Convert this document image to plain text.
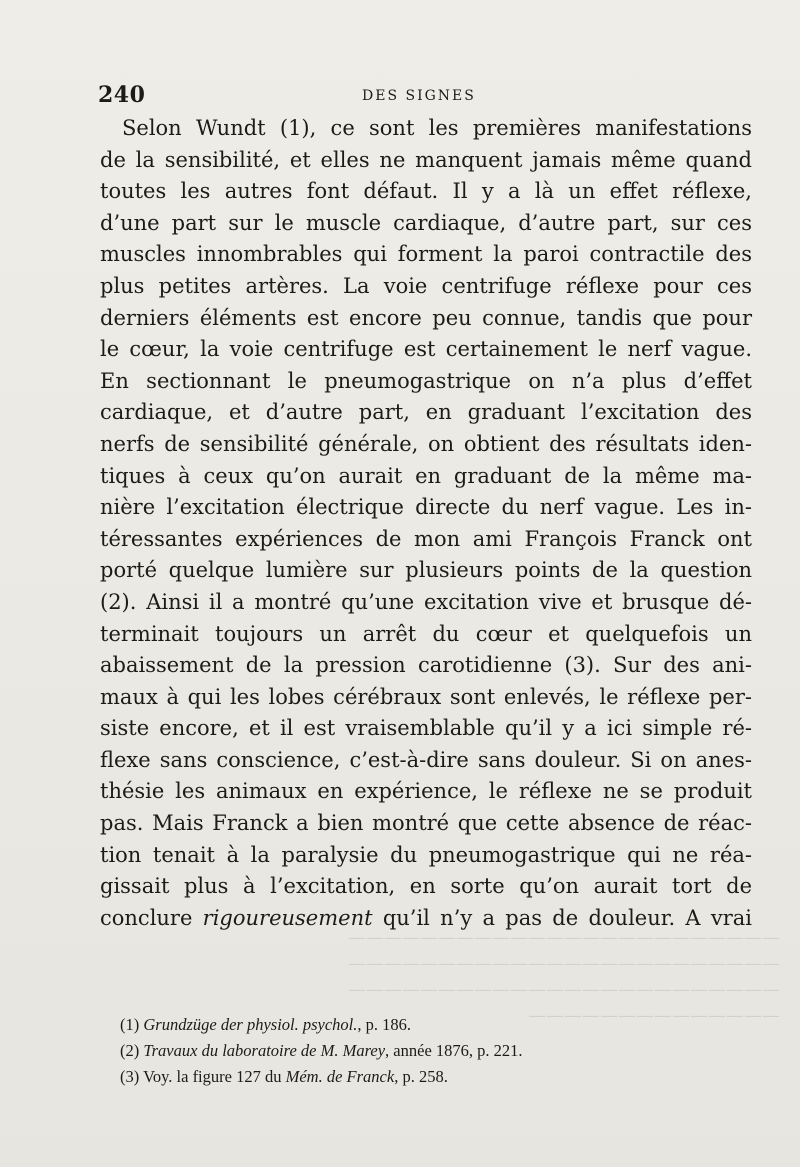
————————————————————————
————————————————————————
————————————————————————
——————————————
240	DES SIGNES

Selon Wundt (1), ce sont les premières manifestations
de la sensibilité, et elles ne manquent jamais même quand
toutes les autres font défaut. Il y a là un effet réflexe,
d’une part sur le muscle cardiaque, d’autre part, sur ces
muscles innombrables qui forment la paroi contractile des
plus petites artères. La voie centrifuge réflexe pour ces
derniers éléments est encore peu connue, tandis que pour
le cœur, la voie centrifuge est certainement le nerf vague.
En sectionnant le pneumogastrique on n’a plus d’effet
cardiaque, et d’autre part, en graduant l’excitation des
nerfs de sensibilité générale, on obtient des résultats iden-
tiques à ceux qu’on aurait en graduant de la même ma-
nière l’excitation électrique directe du nerf vague. Les in-
téressantes expériences de mon ami François Franck ont
porté quelque lumière sur plusieurs points de la question
(2). Ainsi il a montré qu’une excitation vive et brusque dé-
terminait toujours un arrêt du cœur et quelquefois un
abaissement de la pression carotidienne (3). Sur des ani-
maux à qui les lobes cérébraux sont enlevés, le réflexe per-
siste encore, et il est vraisemblable qu’il y a ici simple ré-
flexe sans conscience, c’est-à-dire sans douleur. Si on anes-
thésie les animaux en expérience, le réflexe ne se produit
pas. Mais Franck a bien montré que cette absence de réac-
tion tenait à la paralysie du pneumogastrique qui ne réa-
gissait plus à l’excitation, en sorte qu’on aurait tort de
conclure rigoureusement qu’il n’y a pas de douleur. A vrai

(1) Grundzüge der physiol. psychol., p. 186.
(2) Travaux du laboratoire de M. Marey, année 1876, p. 221.
(3) Voy. la figure 127 du Mém. de Franck, p. 258.
